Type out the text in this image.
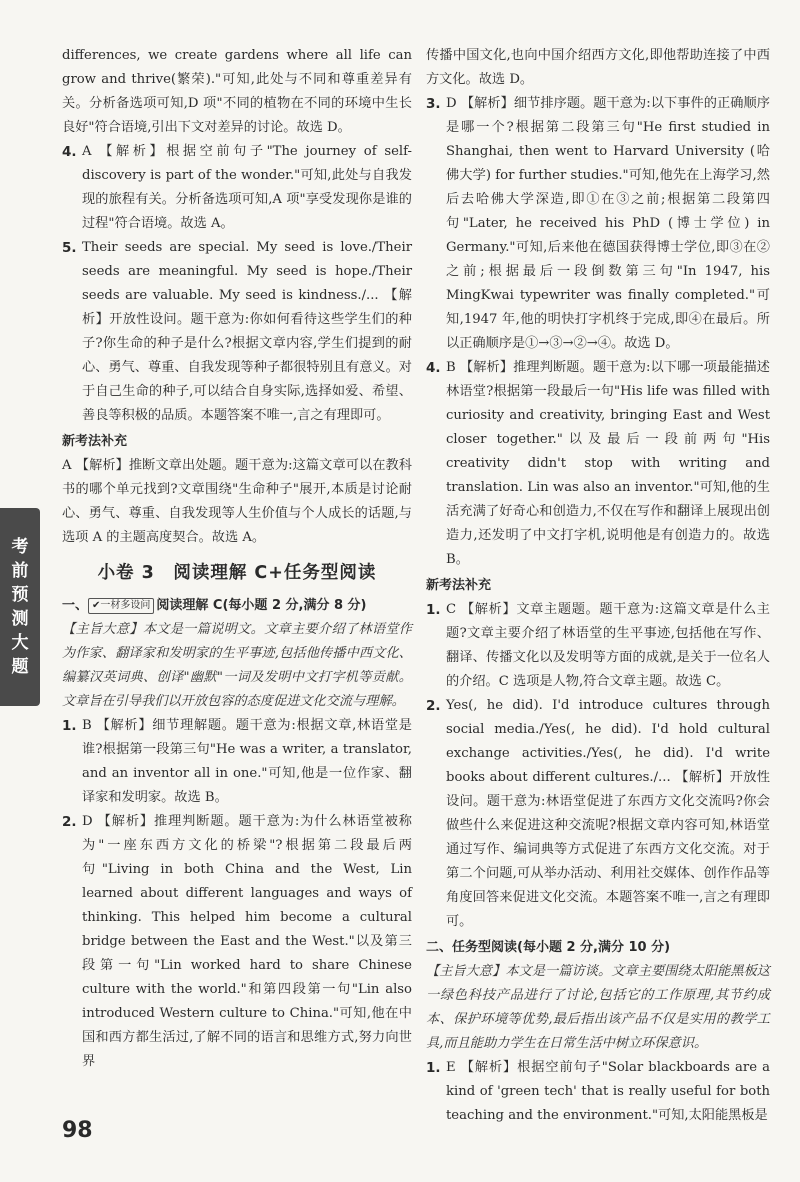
考
前
预
测
大
题

differences, we create gardens where all life can grow and thrive(繁荣)."可知,此处与不同和尊重差异有关。分析备选项可知,D 项"不同的植物在不同的环境中生长良好"符合语境,引出下文对差异的讨论。故选 D。

4. A 【解析】根据空前句子"The journey of self-discovery is part of the wonder."可知,此处与自我发现的旅程有关。分析备选项可知,A 项"享受发现你是谁的过程"符合语境。故选 A。

5. Their seeds are special. My seed is love./Their seeds are meaningful. My seed is hope./Their seeds are valuable. My seed is kindness./... 【解析】开放性设问。题干意为:你如何看待这些学生们的种子?你生命的种子是什么?根据文章内容,学生们提到的耐心、勇气、尊重、自我发现等种子都很特别且有意义。对于自己生命的种子,可以结合自身实际,选择如爱、希望、善良等积极的品质。本题答案不唯一,言之有理即可。

新考法补充

A 【解析】推断文章出处题。题干意为:这篇文章可以在教科书的哪个单元找到?文章围绕"生命种子"展开,本质是讨论耐心、勇气、尊重、自我发现等人生价值与个人成长的话题,与选项 A 的主题高度契合。故选 A。

小卷 3　阅读理解 C+任务型阅读

一、 ✔一材多设问 阅读理解 C(每小题 2 分,满分 8 分)

【主旨大意】本文是一篇说明文。文章主要介绍了林语堂作为作家、翻译家和发明家的生平事迹,包括他传播中西文化、编纂汉英词典、创译"幽默"一词及发明中文打字机等贡献。文章旨在引导我们以开放包容的态度促进文化交流与理解。

1. B 【解析】细节理解题。题干意为:根据文章,林语堂是谁?根据第一段第三句"He was a writer, a translator, and an inventor all in one."可知,他是一位作家、翻译家和发明家。故选 B。

2. D 【解析】推理判断题。题干意为:为什么林语堂被称为"一座东西方文化的桥梁"?根据第二段最后两句"Living in both China and the West, Lin learned about different languages and ways of thinking. This helped him become a cultural bridge between the East and the West."以及第三段第一句"Lin worked hard to share Chinese culture with the world."和第四段第一句"Lin also introduced Western culture to China."可知,他在中国和西方都生活过,了解不同的语言和思维方式,努力向世界

传播中国文化,也向中国介绍西方文化,即他帮助连接了中西方文化。故选 D。

3. D 【解析】细节排序题。题干意为:以下事件的正确顺序是哪一个?根据第二段第三句"He first studied in Shanghai, then went to Harvard University (哈佛大学) for further studies."可知,他先在上海学习,然后去哈佛大学深造,即①在③之前;根据第二段第四句"Later, he received his PhD (博士学位) in Germany."可知,后来他在德国获得博士学位,即③在②之前;根据最后一段倒数第三句"In 1947, his MingKwai typewriter was finally completed."可知,1947 年,他的明快打字机终于完成,即④在最后。所以正确顺序是①→③→②→④。故选 D。

4. B 【解析】推理判断题。题干意为:以下哪一项最能描述林语堂?根据第一段最后一句"His life was filled with curiosity and creativity, bringing East and West closer together."以及最后一段前两句"His creativity didn't stop with writing and translation. Lin was also an inventor."可知,他的生活充满了好奇心和创造力,不仅在写作和翻译上展现出创造力,还发明了中文打字机,说明他是有创造力的。故选 B。

新考法补充

1. C 【解析】文章主题题。题干意为:这篇文章是什么主题?文章主要介绍了林语堂的生平事迹,包括他在写作、翻译、传播文化以及发明等方面的成就,是关于一位名人的介绍。C 选项是人物,符合文章主题。故选 C。

2. Yes(, he did). I'd introduce cultures through social media./Yes(, he did). I'd hold cultural exchange activities./Yes(, he did). I'd write books about different cultures./... 【解析】开放性设问。题干意为:林语堂促进了东西方文化交流吗?你会做些什么来促进这种交流呢?根据文章内容可知,林语堂通过写作、编词典等方式促进了东西方文化交流。对于第二个问题,可从举办活动、利用社交媒体、创作作品等角度回答来促进文化交流。本题答案不唯一,言之有理即可。

二、任务型阅读(每小题 2 分,满分 10 分)

【主旨大意】本文是一篇访谈。文章主要围绕太阳能黑板这一绿色科技产品进行了讨论,包括它的工作原理,其节约成本、保护环境等优势,最后指出该产品不仅是实用的教学工具,而且能助力学生在日常生活中树立环保意识。

1. E 【解析】根据空前句子"Solar blackboards are a kind of 'green tech' that is really useful for both teaching and the environment."可知,太阳能黑板是

98
